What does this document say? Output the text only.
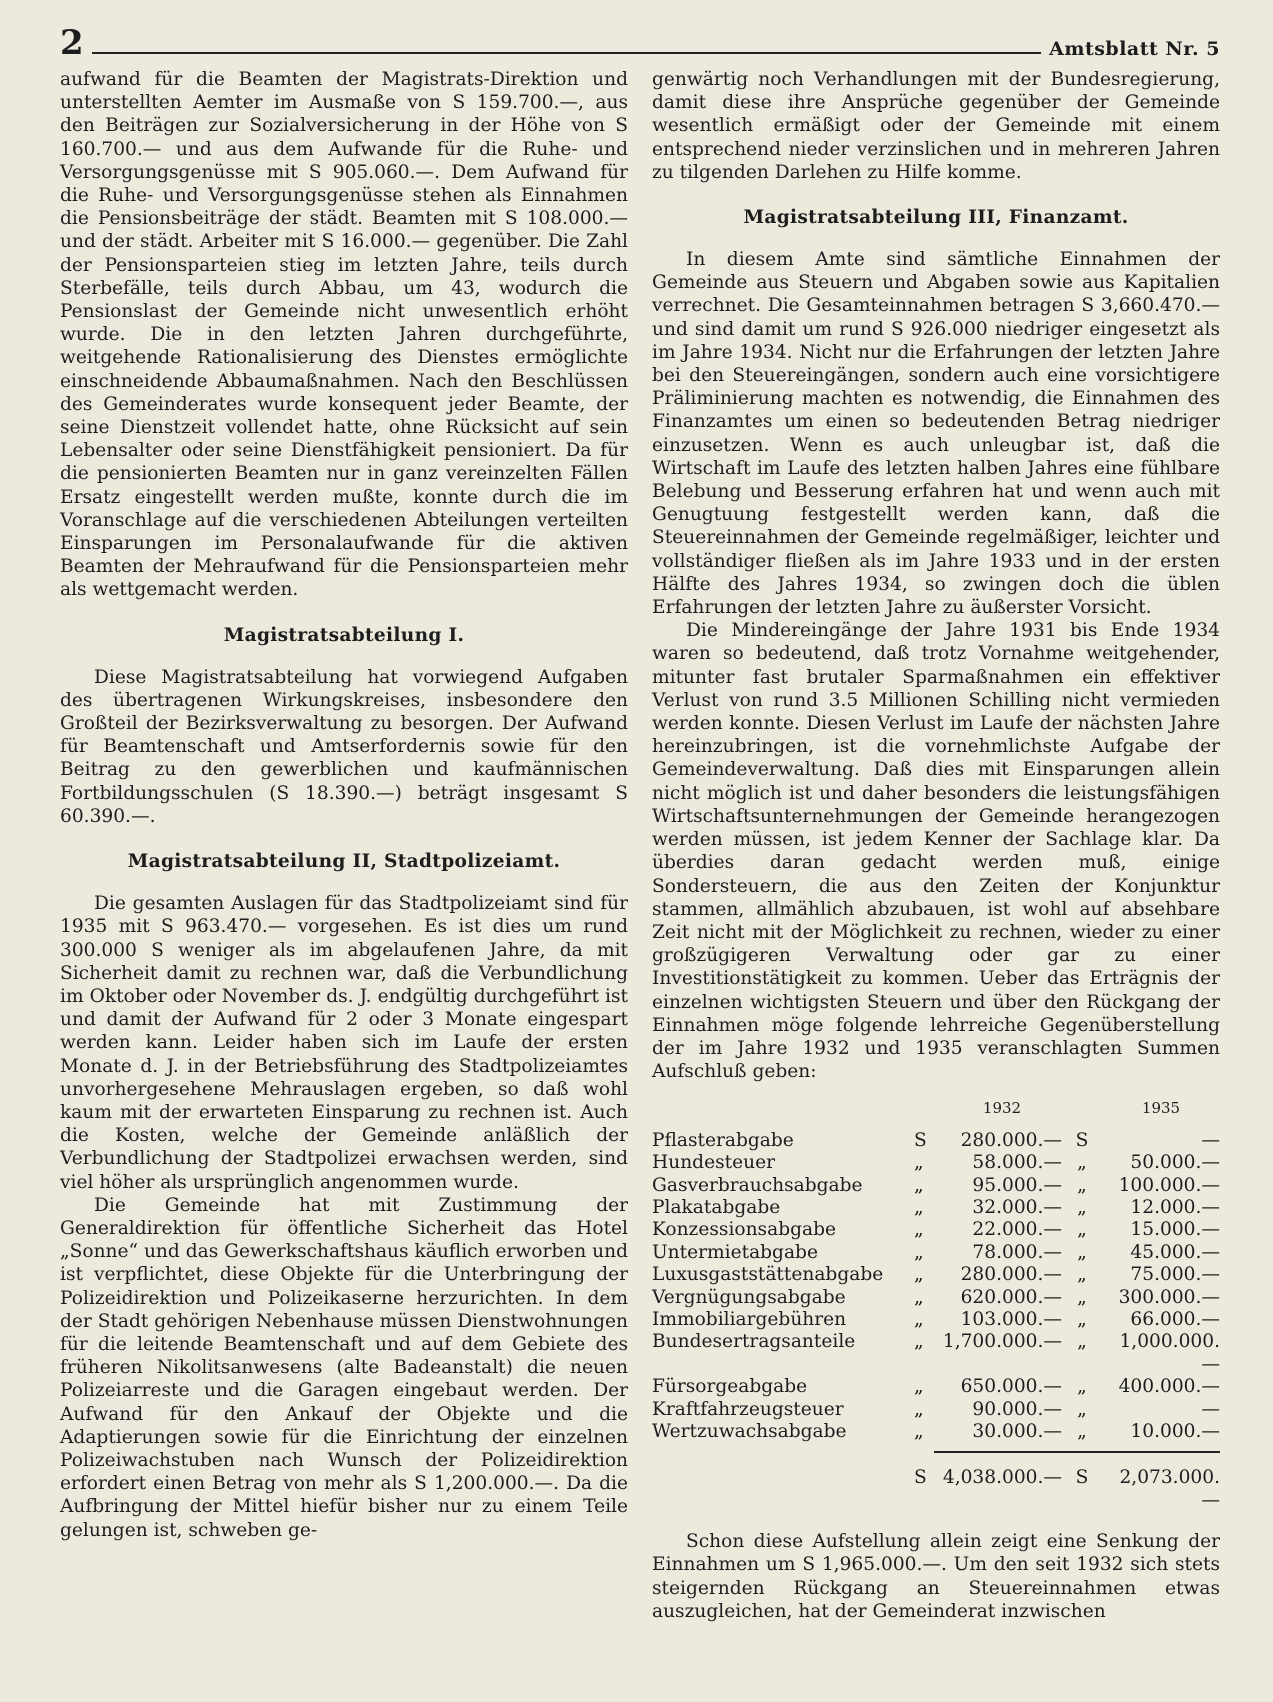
2	Amtsblatt Nr. 5

aufwand für die Beamten der Magistrats-Direktion und unterstellten Aemter im Ausmaße von S 159.700.—, aus den Beiträgen zur Sozialversicherung in der Höhe von S 160.700.— und aus dem Aufwande für die Ruhe- und Versorgungsgenüsse mit S 905.060.—. Dem Aufwand für die Ruhe- und Versorgungsgenüsse stehen als Einnahmen die Pensionsbeiträge der städt. Beamten mit S 108.000.— und der städt. Arbeiter mit S 16.000.— gegenüber. Die Zahl der Pensionsparteien stieg im letzten Jahre, teils durch Sterbefälle, teils durch Abbau, um 43, wodurch die Pensionslast der Gemeinde nicht unwesentlich erhöht wurde. Die in den letzten Jahren durchgeführte, weitgehende Rationalisierung des Dienstes ermöglichte einschneidende Abbaumaßnahmen. Nach den Beschlüssen des Gemeinderates wurde konsequent jeder Beamte, der seine Dienstzeit vollendet hatte, ohne Rücksicht auf sein Lebensalter oder seine Dienstfähigkeit pensioniert. Da für die pensionierten Beamten nur in ganz vereinzelten Fällen Ersatz eingestellt werden mußte, konnte durch die im Voranschlage auf die verschiedenen Abteilungen verteilten Einsparungen im Personalaufwande für die aktiven Beamten der Mehraufwand für die Pensionsparteien mehr als wettgemacht werden.

Magistratsabteilung I.

Diese Magistratsabteilung hat vorwiegend Aufgaben des übertragenen Wirkungskreises, insbesondere den Großteil der Bezirksverwaltung zu besorgen. Der Aufwand für Beamtenschaft und Amtserfordernis sowie für den Beitrag zu den gewerblichen und kaufmännischen Fortbildungsschulen (S 18.390.—) beträgt insgesamt S 60.390.—.

Magistratsabteilung II, Stadtpolizeiamt.

Die gesamten Auslagen für das Stadtpolizeiamt sind für 1935 mit S 963.470.— vorgesehen. Es ist dies um rund 300.000 S weniger als im abgelaufenen Jahre, da mit Sicherheit damit zu rechnen war, daß die Verbundlichung im Oktober oder November ds. J. endgültig durchgeführt ist und damit der Aufwand für 2 oder 3 Monate eingespart werden kann. Leider haben sich im Laufe der ersten Monate d. J. in der Betriebsführung des Stadtpolizeiamtes unvorhergesehene Mehrauslagen ergeben, so daß wohl kaum mit der erwarteten Einsparung zu rechnen ist. Auch die Kosten, welche der Gemeinde anläßlich der Verbundlichung der Stadtpolizei erwachsen werden, sind viel höher als ursprünglich angenommen wurde.

Die Gemeinde hat mit Zustimmung der Generaldirektion für öffentliche Sicherheit das Hotel „Sonne“ und das Gewerkschaftshaus käuflich erworben und ist verpflichtet, diese Objekte für die Unterbringung der Polizeidirektion und Polizeikaserne herzurichten. In dem der Stadt gehörigen Nebenhause müssen Dienstwohnungen für die leitende Beamtenschaft und auf dem Gebiete des früheren Nikolitsanwesens (alte Badeanstalt) die neuen Polizeiarreste und die Garagen eingebaut werden. Der Aufwand für den Ankauf der Objekte und die Adaptierungen sowie für die Einrichtung der einzelnen Polizeiwachstuben nach Wunsch der Polizeidirektion erfordert einen Betrag von mehr als S 1,200.000.—. Da die Aufbringung der Mittel hiefür bisher nur zu einem Teile gelungen ist, schweben ge-

genwärtig noch Verhandlungen mit der Bundesregierung, damit diese ihre Ansprüche gegenüber der Gemeinde wesentlich ermäßigt oder der Gemeinde mit einem entsprechend nieder verzinslichen und in mehreren Jahren zu tilgenden Darlehen zu Hilfe komme.

Magistratsabteilung III, Finanzamt.

In diesem Amte sind sämtliche Einnahmen der Gemeinde aus Steuern und Abgaben sowie aus Kapitalien verrechnet. Die Gesamteinnahmen betragen S 3,660.470.— und sind damit um rund S 926.000 niedriger eingesetzt als im Jahre 1934. Nicht nur die Erfahrungen der letzten Jahre bei den Steuereingängen, sondern auch eine vorsichtigere Präliminierung machten es notwendig, die Einnahmen des Finanzamtes um einen so bedeutenden Betrag niedriger einzusetzen. Wenn es auch unleugbar ist, daß die Wirtschaft im Laufe des letzten halben Jahres eine fühlbare Belebung und Besserung erfahren hat und wenn auch mit Genugtuung festgestellt werden kann, daß die Steuereinnahmen der Gemeinde regelmäßiger, leichter und vollständiger fließen als im Jahre 1933 und in der ersten Hälfte des Jahres 1934, so zwingen doch die üblen Erfahrungen der letzten Jahre zu äußerster Vorsicht.

Die Mindereingänge der Jahre 1931 bis Ende 1934 waren so bedeutend, daß trotz Vornahme weitgehender, mitunter fast brutaler Sparmaßnahmen ein effektiver Verlust von rund 3.5 Millionen Schilling nicht vermieden werden konnte. Diesen Verlust im Laufe der nächsten Jahre hereinzubringen, ist die vornehmlichste Aufgabe der Gemeindeverwaltung. Daß dies mit Einsparungen allein nicht möglich ist und daher besonders die leistungsfähigen Wirtschaftsunternehmungen der Gemeinde herangezogen werden müssen, ist jedem Kenner der Sachlage klar. Da überdies daran gedacht werden muß, einige Sondersteuern, die aus den Zeiten der Konjunktur stammen, allmählich abzubauen, ist wohl auf absehbare Zeit nicht mit der Möglichkeit zu rechnen, wieder zu einer großzügigeren Verwaltung oder gar zu einer Investitionstätigkeit zu kommen. Ueber das Erträgnis der einzelnen wichtigsten Steuern und über den Rückgang der Einnahmen möge folgende lehrreiche Gegenüberstellung der im Jahre 1932 und 1935 veranschlagten Summen Aufschluß geben:

1932	1935
Pflasterabgabe	S	280.000.— S	—
Hundesteuer	„	58.000.— „	50.000.—
Gasverbrauchsabgabe	„	95.000.— „	100.000.—
Plakatabgabe	„	32.000.— „	12.000.—
Konzessionsabgabe	„	22.000.— „	15.000.—
Untermietabgabe	„	78.000.— „	45.000.—
Luxusgaststättenabgabe	„	280.000.— „	75.000.—
Vergnügungsabgabe	„	620.000.— „	300.000.—
Immobiliargebühren	„	103.000.— „	66.000.—
Bundesertragsanteile	„	1,700.000.— „	1,000.000.—
Fürsorgeabgabe	„	650.000.— „	400.000.—
Kraftfahrzeugsteuer	„	90.000.— „	—
Wertzuwachsabgabe	„	30.000.— „	10.000.—
S 4,038.000.— S	2,073.000.—

Schon diese Aufstellung allein zeigt eine Senkung der Einnahmen um S 1,965.000.—. Um den seit 1932 sich stets steigernden Rückgang an Steuereinnahmen etwas auszugleichen, hat der Gemeinderat inzwischen
